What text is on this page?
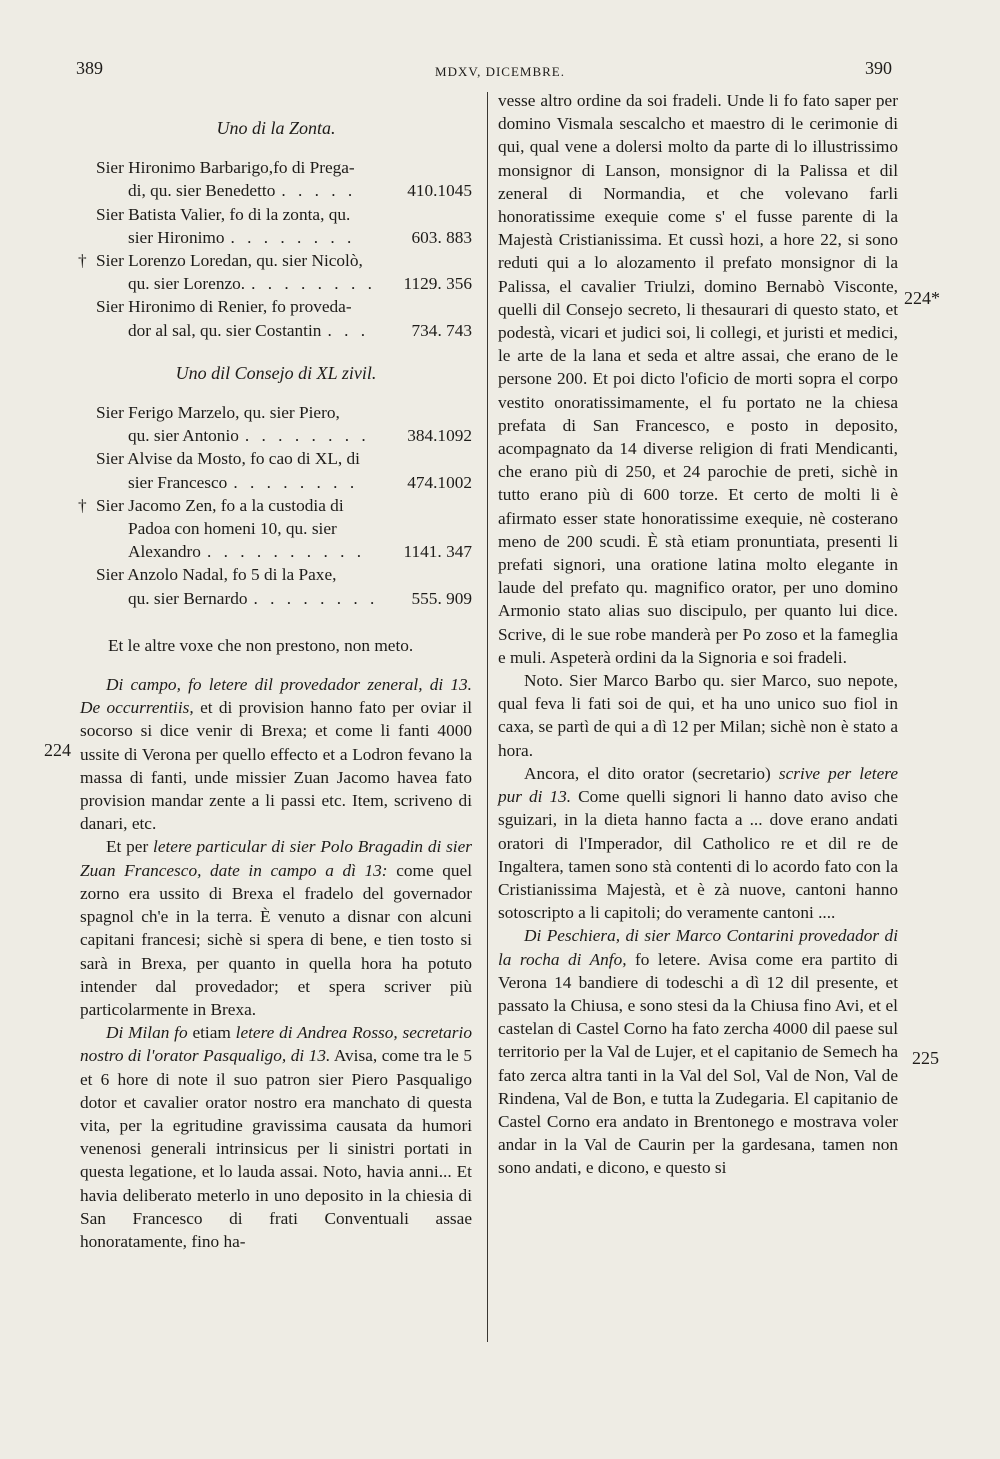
389	MDXV, DICEMBRE.	390
224
224*
225
Uno di la Zonta.
Sier Hironimo Barbarigo,fo di Prega-
di, qu. sier Benedetto . . . . .	410.1045
Sier Batista Valier, fo di la zonta, qu.
sier Hironimo . . . . . . . .	603. 883
† Sier Lorenzo Loredan, qu. sier Nicolò,
qu. sier Lorenzo. . . . . . . . .	1129. 356
Sier Hironimo di Renier, fo proveda-
dor al sal, qu. sier Costantin . . .	734. 743
Uno dil Consejo di XL zivil.
Sier Ferigo Marzelo, qu. sier Piero,
qu. sier Antonio . . . . . . . .	384.1092
Sier Alvise da Mosto, fo cao di XL, di
sier Francesco . . . . . . . .	474.1002
† Sier Jacomo Zen, fo a la custodia di
Padoa con homeni 10, qu. sier
Alexandro . . . . . . . . . .	1141. 347
Sier Anzolo Nadal, fo 5 di la Paxe,
qu. sier Bernardo . . . . . . . .	555. 909
Et le altre voxe che non prestono, non meto.

Di campo, fo letere dil provedador zeneral, di 13. De occurrentiis, et di provision hanno fato per oviar il socorso si dice venir di Brexa; et come li fanti 4000 ussite di Verona per quello effecto et a Lodron fevano la massa di fanti, unde missier Zuan Jacomo havea fato provision mandar zente a li passi etc. Item, scriveno di danari, etc.

Et per letere particular di sier Polo Bragadin di sier Zuan Francesco, date in campo a dì 13: come quel zorno era ussito di Brexa el fradelo del governador spagnol ch'e in la terra. È venuto a disnar con alcuni capitani francesi; sichè si spera di bene, e tien tosto si sarà in Brexa, per quanto in quella hora ha potuto intender dal provedador; et spera scriver più particolarmente in Brexa.

Di Milan fo etiam letere di Andrea Rosso, secretario nostro di l'orator Pasqualigo, di 13. Avisa, come tra le 5 et 6 hore di note il suo patron sier Piero Pasqualigo dotor et cavalier orator nostro era manchato di questa vita, per la egritudine gravissima causata da humori venenosi generali intrinsicus per li sinistri portati in questa legatione, et lo lauda assai. Noto, havia anni... Et havia deliberato meterlo in uno deposito in la chiesia di San Francesco di frati Conventuali assae honoratamente, fino ha-

vesse altro ordine da soi fradeli. Unde li fo fato saper per domino Vismala sescalcho et maestro di le cerimonie di qui, qual vene a dolersi molto da parte di lo illustrissimo monsignor di Lanson, monsignor di la Palissa et dil zeneral di Normandia, et che volevano farli honoratissime exequie come s' el fusse parente di la Majestà Cristianissima. Et cussì hozi, a hore 22, si sono reduti qui a lo alozamento il prefato monsignor di la Palissa, el cavalier Triulzi, domino Bernabò Visconte, quelli dil Consejo secreto, li thesaurari di questo stato, et podestà, vicari et judici soi, li collegi, et juristi et medici, le arte de la lana et seda et altre assai, che erano de le persone 200. Et poi dicto l'oficio de morti sopra el corpo vestito onoratissimamente, el fu portato ne la chiesa prefata di San Francesco, e posto in deposito, acompagnato da 14 diverse religion di frati Mendicanti, che erano più di 250, et 24 parochie de preti, sichè in tutto erano più di 600 torze. Et certo de molti li è afirmato esser state honoratissime exequie, nè costerano meno de 200 scudi. È stà etiam pronuntiata, presenti li prefati signori, una oratione latina molto elegante in laude del prefato qu. magnifico orator, per uno domino Armonio stato alias suo discipulo, per quanto lui dice. Scrive, di le sue robe manderà per Po zoso et la fameglia e muli. Aspeterà ordini da la Signoria e soi fradeli.

Noto. Sier Marco Barbo qu. sier Marco, suo nepote, qual feva li fati soi de qui, et ha uno unico suo fiol in caxa, se partì de qui a dì 12 per Milan; sichè non è stato a hora.

Ancora, el dito orator (secretario) scrive per letere pur di 13. Come quelli signori li hanno dato aviso che sguizari, in la dieta hanno facta a ... dove erano andati oratori di l'Imperador, dil Catholico re et dil re de Ingaltera, tamen sono stà contenti di lo acordo fato con la Cristianissima Majestà, et è zà nuove, cantoni hanno sotoscripto a li capitoli; do veramente cantoni ....

Di Peschiera, di sier Marco Contarini provedador di la rocha di Anfo, fo letere. Avisa come era partito di Verona 14 bandiere di todeschi a dì 12 dil presente, et passato la Chiusa, e sono stesi da la Chiusa fino Avi, et el castelan di Castel Corno ha fato zercha 4000 dil paese sul territorio per la Val de Lujer, et el capitanio de Semech ha fato zerca altra tanti in la Val del Sol, Val de Non, Val de Rindena, Val de Bon, e tutta la Zudegaria. El capitanio de Castel Corno era andato in Brentonego e mostrava voler andar in la Val de Caurin per la gardesana, tamen non sono andati, e dicono, e questo si
